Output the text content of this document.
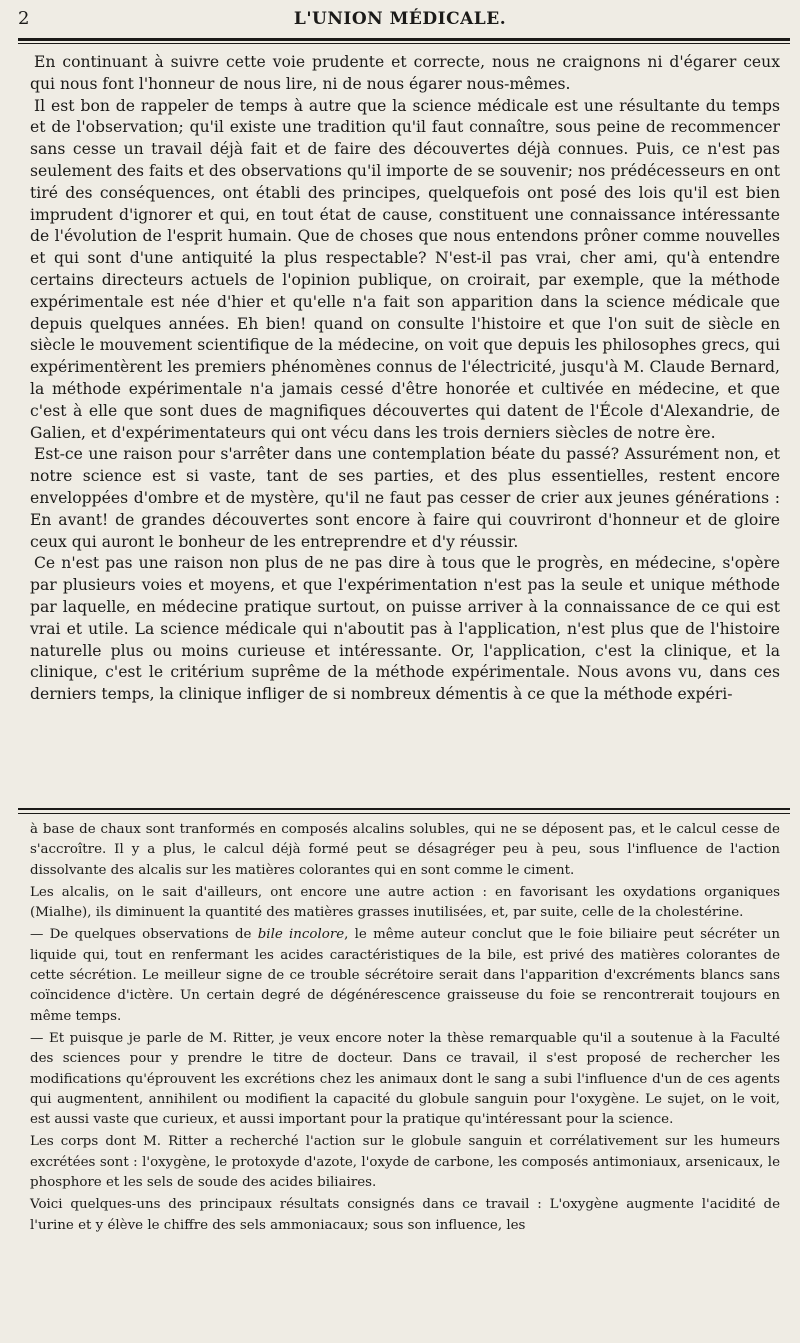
2	L'UNION MÉDICALE.

En continuant à suivre cette voie prudente et correcte, nous ne craignons ni d'égarer ceux qui nous font l'honneur de nous lire, ni de nous égarer nous-mêmes.

Il est bon de rappeler de temps à autre que la science médicale est une résultante du temps et de l'observation; qu'il existe une tradition qu'il faut connaître, sous peine de recommencer sans cesse un travail déjà fait et de faire des découvertes déjà connues. Puis, ce n'est pas seulement des faits et des observations qu'il importe de se souvenir; nos prédécesseurs en ont tiré des conséquences, ont établi des principes, quelquefois ont posé des lois qu'il est bien imprudent d'ignorer et qui, en tout état de cause, constituent une connaissance intéressante de l'évolution de l'esprit humain. Que de choses que nous entendons prôner comme nouvelles et qui sont d'une antiquité la plus respectable? N'est-il pas vrai, cher ami, qu'à entendre certains directeurs actuels de l'opinion publique, on croirait, par exemple, que la méthode expérimentale est née d'hier et qu'elle n'a fait son apparition dans la science médicale que depuis quelques années. Eh bien! quand on consulte l'histoire et que l'on suit de siècle en siècle le mouvement scientifique de la médecine, on voit que depuis les philosophes grecs, qui expérimentèrent les premiers phénomènes connus de l'électricité, jusqu'à M. Claude Bernard, la méthode expérimentale n'a jamais cessé d'être honorée et cultivée en médecine, et que c'est à elle que sont dues de magnifiques découvertes qui datent de l'École d'Alexandrie, de Galien, et d'expérimentateurs qui ont vécu dans les trois derniers siècles de notre ère.

Est-ce une raison pour s'arrêter dans une contemplation béate du passé? Assurément non, et notre science est si vaste, tant de ses parties, et des plus essentielles, restent encore enveloppées d'ombre et de mystère, qu'il ne faut pas cesser de crier aux jeunes générations : En avant! de grandes découvertes sont encore à faire qui couvriront d'honneur et de gloire ceux qui auront le bonheur de les entreprendre et d'y réussir.

Ce n'est pas une raison non plus de ne pas dire à tous que le progrès, en médecine, s'opère par plusieurs voies et moyens, et que l'expérimentation n'est pas la seule et unique méthode par laquelle, en médecine pratique surtout, on puisse arriver à la connaissance de ce qui est vrai et utile. La science médicale qui n'aboutit pas à l'application, n'est plus que de l'histoire naturelle plus ou moins curieuse et intéressante. Or, l'application, c'est la clinique, et la clinique, c'est le critérium suprême de la méthode expérimentale. Nous avons vu, dans ces derniers temps, la clinique infliger de si nombreux démentis à ce que la méthode expéri-

à base de chaux sont tranformés en composés alcalins solubles, qui ne se déposent pas, et le calcul cesse de s'accroître. Il y a plus, le calcul déjà formé peut se désagréger peu à peu, sous l'influence de l'action dissolvante des alcalis sur les matières colorantes qui en sont comme le ciment.

Les alcalis, on le sait d'ailleurs, ont encore une autre action : en favorisant les oxydations organiques (Mialhe), ils diminuent la quantité des matières grasses inutilisées, et, par suite, celle de la cholestérine.

— De quelques observations de bile incolore, le même auteur conclut que le foie biliaire peut sécréter un liquide qui, tout en renfermant les acides caractéristiques de la bile, est privé des matières colorantes de cette sécrétion. Le meilleur signe de ce trouble sécrétoire serait dans l'apparition d'excréments blancs sans coïncidence d'ictère. Un certain degré de dégénérescence graisseuse du foie se rencontrerait toujours en même temps.

— Et puisque je parle de M. Ritter, je veux encore noter la thèse remarquable qu'il a soutenue à la Faculté des sciences pour y prendre le titre de docteur. Dans ce travail, il s'est proposé de rechercher les modifications qu'éprouvent les excrétions chez les animaux dont le sang a subi l'influence d'un de ces agents qui augmentent, annihilent ou modifient la capacité du globule sanguin pour l'oxygène. Le sujet, on le voit, est aussi vaste que curieux, et aussi important pour la pratique qu'intéressant pour la science.

Les corps dont M. Ritter a recherché l'action sur le globule sanguin et corrélativement sur les humeurs excrétées sont : l'oxygène, le protoxyde d'azote, l'oxyde de carbone, les composés antimoniaux, arsenicaux, le phosphore et les sels de soude des acides biliaires.

Voici quelques-uns des principaux résultats consignés dans ce travail : L'oxygène augmente l'acidité de l'urine et y élève le chiffre des sels ammoniacaux; sous son influence, les
